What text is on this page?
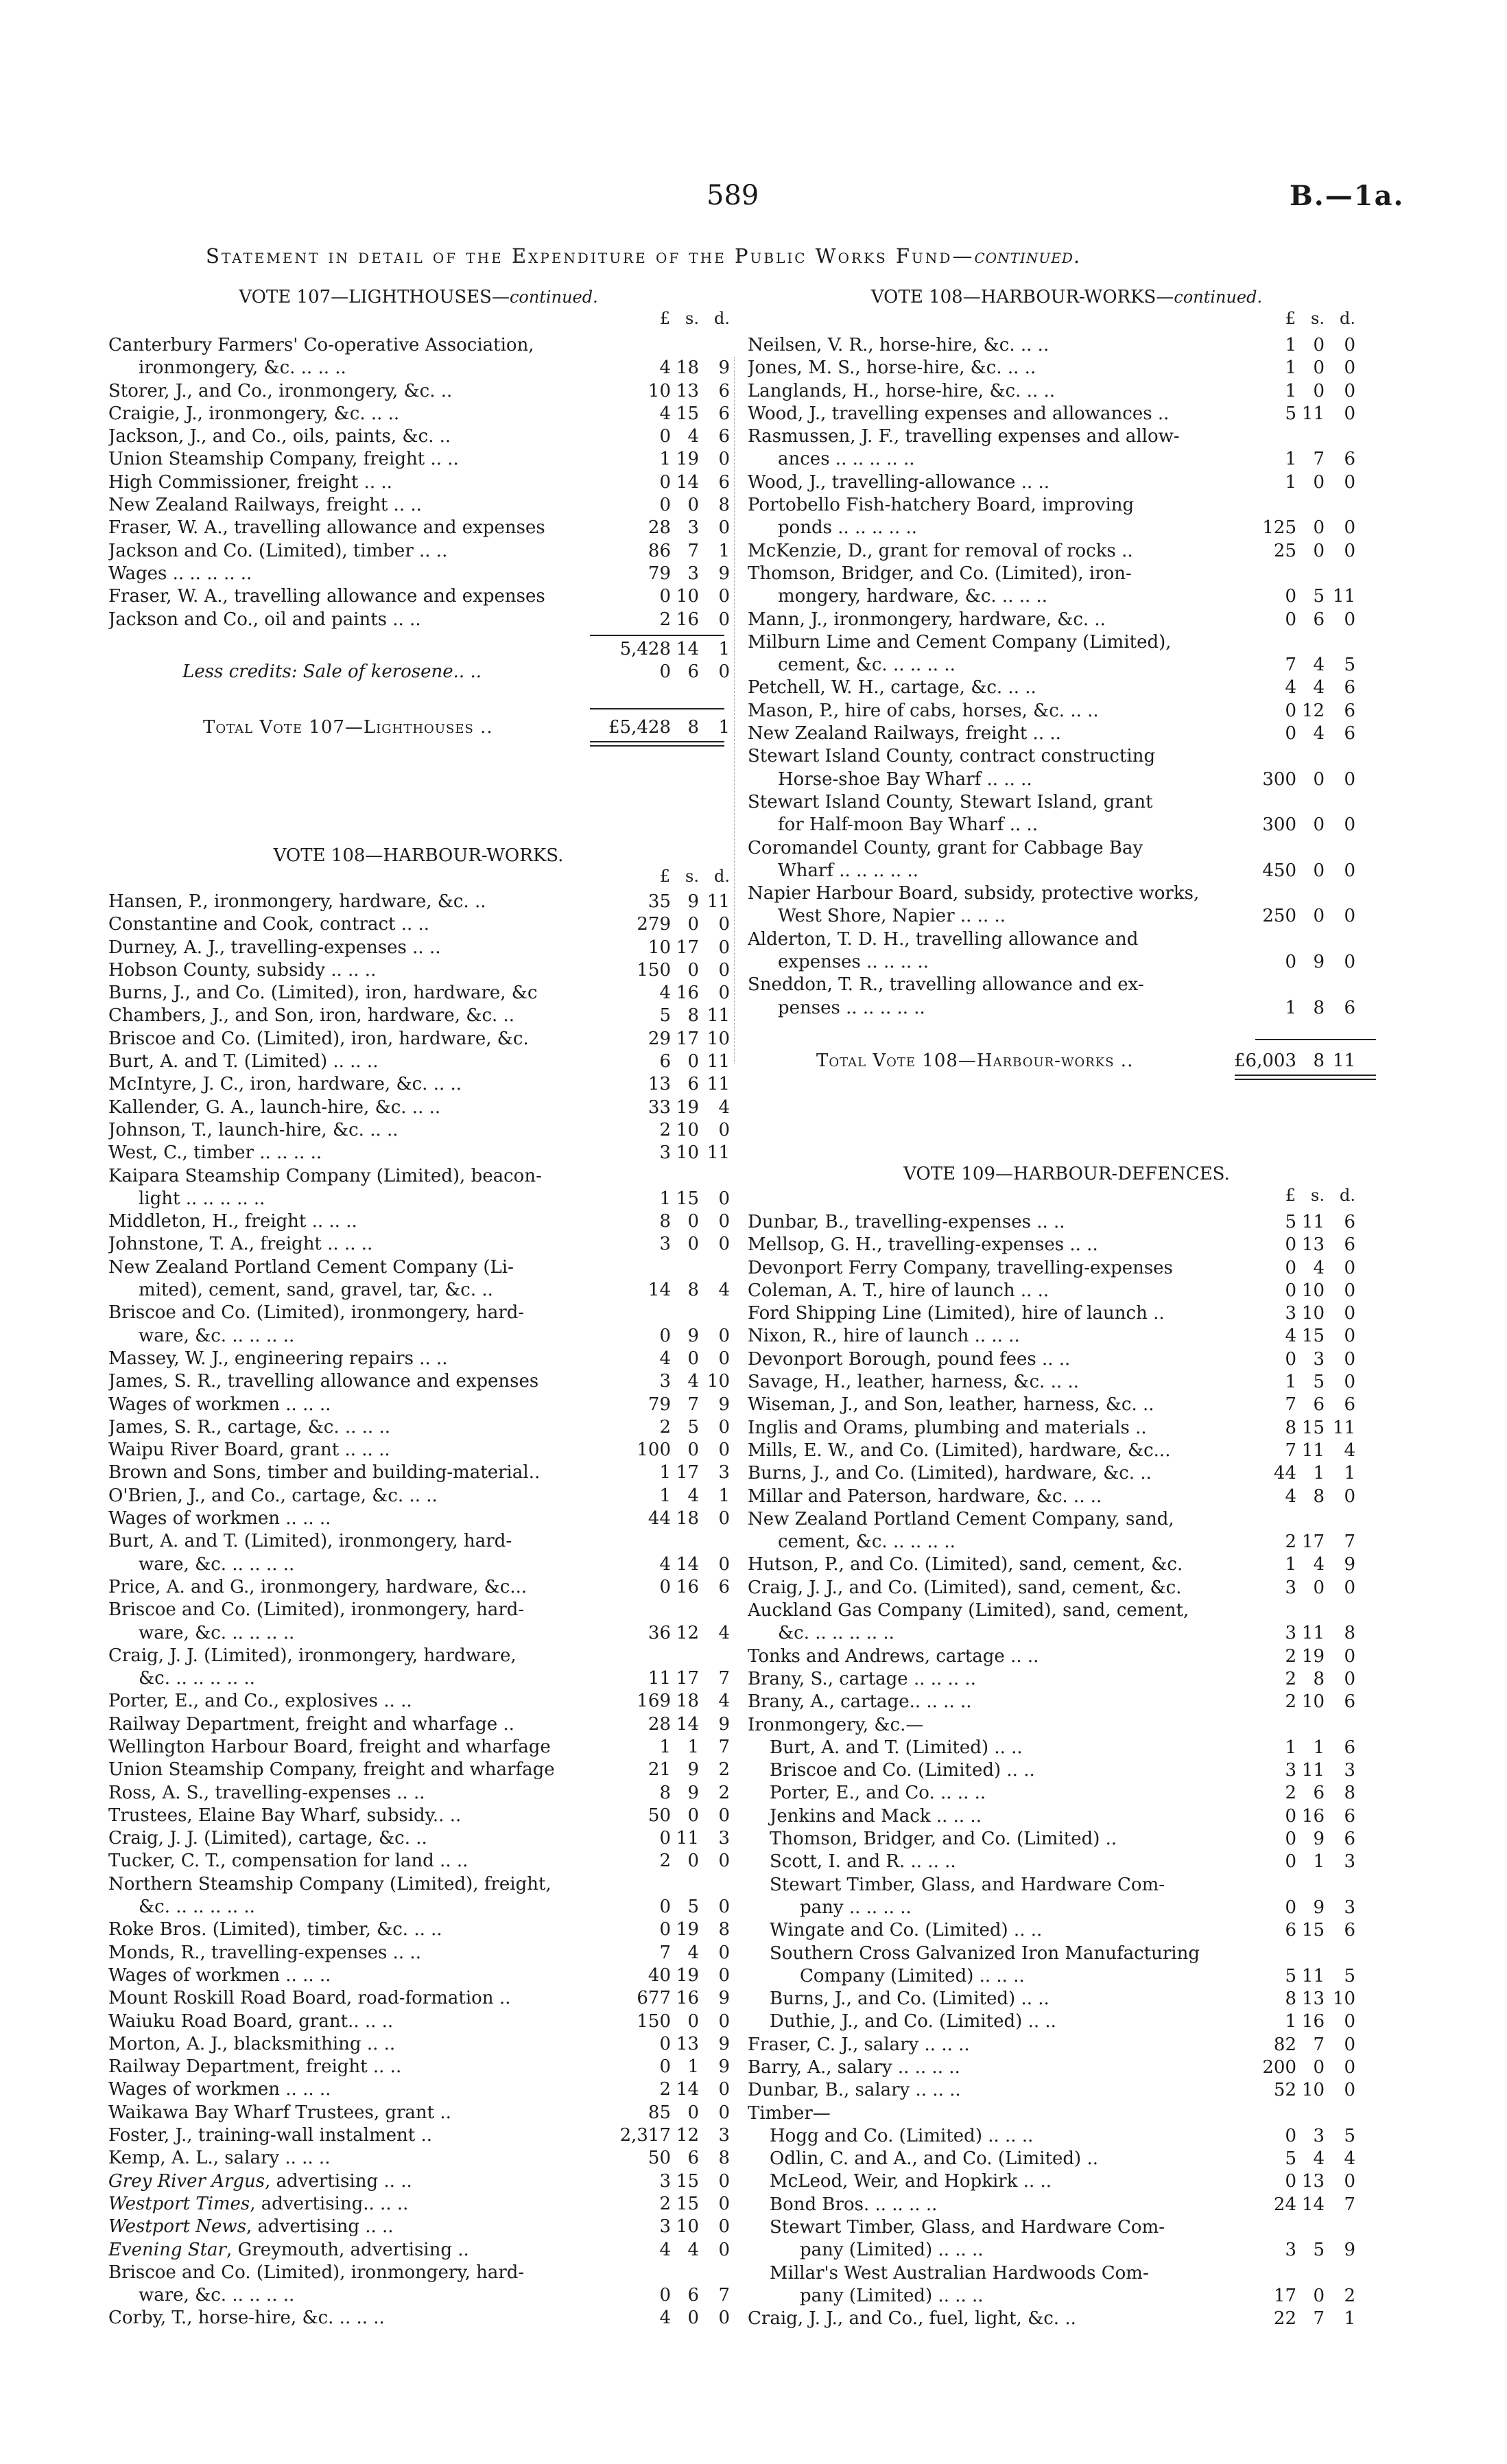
589	B.—1a.
Statement in detail of the Expenditure of the Public Works Fund—continued.
VOTE 107—LIGHTHOUSES—continued.
£ s. d.
Canterbury Farmers' Co-operative Association,
ironmongery, &c. .. .. ..	4 18	9
Storer, J., and Co., ironmongery, &c. ..	10 13	6
Craigie, J., ironmongery, &c. .. ..	4 15	6
Jackson, J., and Co., oils, paints, &c. ..	0 4	6
Union Steamship Company, freight .. ..	1 19	0
High Commissioner, freight .. ..	0 14	6
New Zealand Railways, freight .. ..	0 0	8
Fraser, W. A., travelling allowance and expenses	28 3	0
Jackson and Co. (Limited), timber .. ..	86 7	1
Wages .. .. .. .. ..	79 3	9
Fraser, W. A., travelling allowance and expenses	0 10	0
Jackson and Co., oil and paints .. ..	2 16	0
5,428 14	1
Less credits: Sale of kerosene.. ..	0 6	0
Total Vote 107—Lighthouses ..	£5,428 8	1
VOTE 108—HARBOUR-WORKS.
£ s. d.
Hansen, P., ironmongery, hardware, &c. ..	35 9 11
Constantine and Cook, contract .. ..	279 0	0
Durney, A. J., travelling-expenses .. ..	10 17	0
Hobson County, subsidy .. .. ..	150 0	0
Burns, J., and Co. (Limited), iron, hardware, &c	4 16	0
Chambers, J., and Son, iron, hardware, &c. ..	5 8 11
Briscoe and Co. (Limited), iron, hardware, &c.	29 17 10
Burt, A. and T. (Limited) .. .. ..	6 0 11
McIntyre, J. C., iron, hardware, &c. .. ..	13 6 11
Kallender, G. A., launch-hire, &c. .. ..	33 19	4
Johnson, T., launch-hire, &c. .. ..	2 10	0
West, C., timber .. .. .. ..	3 10 11
Kaipara Steamship Company (Limited), beacon-
light .. .. .. .. ..	1 15	0
Middleton, H., freight .. .. ..	8 0	0
Johnstone, T. A., freight .. .. ..	3 0	0
New Zealand Portland Cement Company (Li-
mited), cement, sand, gravel, tar, &c. ..	14 8	4
Briscoe and Co. (Limited), ironmongery, hard-
ware, &c. .. .. .. ..	0 9	0
Massey, W. J., engineering repairs .. ..	4 0	0
James, S. R., travelling allowance and expenses	3 4 10
Wages of workmen .. .. ..	79 7	9
James, S. R., cartage, &c. .. .. ..	2 5	0
Waipu River Board, grant .. .. ..	100 0	0
Brown and Sons, timber and building-material..	1 17	3
O'Brien, J., and Co., cartage, &c. .. ..	1 4	1
Wages of workmen .. .. ..	44 18	0
Burt, A. and T. (Limited), ironmongery, hard-
ware, &c. .. .. .. ..	4 14	0
Price, A. and G., ironmongery, hardware, &c...	0 16	6
Briscoe and Co. (Limited), ironmongery, hard-
ware, &c. .. .. .. ..	36 12	4
Craig, J. J. (Limited), ironmongery, hardware,
&c. .. .. .. .. ..	11 17	7
Porter, E., and Co., explosives .. ..	169 18	4
Railway Department, freight and wharfage ..	28 14	9
Wellington Harbour Board, freight and wharfage	1 1	7
Union Steamship Company, freight and wharfage	21 9	2
Ross, A. S., travelling-expenses .. ..	8 9	2
Trustees, Elaine Bay Wharf, subsidy.. ..	50 0	0
Craig, J. J. (Limited), cartage, &c. ..	0 11	3
Tucker, C. T., compensation for land .. ..	2 0	0
Northern Steamship Company (Limited), freight,
&c. .. .. .. .. ..	0 5	0
Roke Bros. (Limited), timber, &c. .. ..	0 19	8
Monds, R., travelling-expenses .. ..	7 4	0
Wages of workmen .. .. ..	40 19	0
Mount Roskill Road Board, road-formation ..	677 16	9
Waiuku Road Board, grant.. .. ..	150 0	0
Morton, A. J., blacksmithing .. ..	0 13	9
Railway Department, freight .. ..	0 1	9
Wages of workmen .. .. ..	2 14	0
Waikawa Bay Wharf Trustees, grant ..	85 0	0
Foster, J., training-wall instalment ..	2,317 12	3
Kemp, A. L., salary .. .. ..	50 6	8
Grey River Argus, advertising .. ..	3 15	0
Westport Times, advertising.. .. ..	2 15	0
Westport News, advertising .. ..	3 10	0
Evening Star, Greymouth, advertising ..	4 4	0
Briscoe and Co. (Limited), ironmongery, hard-
ware, &c. .. .. .. ..	0 6	7
Corby, T., horse-hire, &c. .. .. ..	4 0	0
VOTE 108—HARBOUR-WORKS—continued.
£ s. d.
Neilsen, V. R., horse-hire, &c. .. ..	1 0	0
Jones, M. S., horse-hire, &c. .. ..	1 0	0
Langlands, H., horse-hire, &c. .. ..	1 0	0
Wood, J., travelling expenses and allowances ..	5 11	0
Rasmussen, J. F., travelling expenses and allow-
ances .. .. .. .. ..	1 7	6
Wood, J., travelling-allowance .. ..	1 0	0
Portobello Fish-hatchery Board, improving
ponds .. .. .. .. ..	125 0	0
McKenzie, D., grant for removal of rocks ..	25 0	0
Thomson, Bridger, and Co. (Limited), iron-
mongery, hardware, &c. .. .. ..	0 5 11
Mann, J., ironmongery, hardware, &c. ..	0 6	0
Milburn Lime and Cement Company (Limited),
cement, &c. .. .. .. ..	7 4	5
Petchell, W. H., cartage, &c. .. ..	4 4	6
Mason, P., hire of cabs, horses, &c. .. ..	0 12	6
New Zealand Railways, freight .. ..	0 4	6
Stewart Island County, contract constructing
Horse-shoe Bay Wharf .. .. ..	300 0	0
Stewart Island County, Stewart Island, grant
for Half-moon Bay Wharf .. ..	300 0	0
Coromandel County, grant for Cabbage Bay
Wharf .. .. .. .. ..	450 0	0
Napier Harbour Board, subsidy, protective works,
West Shore, Napier .. .. ..	250 0	0
Alderton, T. D. H., travelling allowance and
expenses .. .. .. ..	0 9	0
Sneddon, T. R., travelling allowance and ex-
penses .. .. .. .. ..	1 8	6
Total Vote 108—Harbour-works ..	£6,003 8 11
VOTE 109—HARBOUR-DEFENCES.
£ s. d.
Dunbar, B., travelling-expenses .. ..	5 11	6
Mellsop, G. H., travelling-expenses .. ..	0 13	6
Devonport Ferry Company, travelling-expenses	0 4	0
Coleman, A. T., hire of launch .. ..	0 10	0
Ford Shipping Line (Limited), hire of launch ..	3 10	0
Nixon, R., hire of launch .. .. ..	4 15	0
Devonport Borough, pound fees .. ..	0 3	0
Savage, H., leather, harness, &c. .. ..	1 5	0
Wiseman, J., and Son, leather, harness, &c. ..	7 6	6
Inglis and Orams, plumbing and materials ..	8 15 11
Mills, E. W., and Co. (Limited), hardware, &c...	7 11	4
Burns, J., and Co. (Limited), hardware, &c. ..	44 1	1
Millar and Paterson, hardware, &c. .. ..	4 8	0
New Zealand Portland Cement Company, sand,
cement, &c. .. .. .. ..	2 17	7
Hutson, P., and Co. (Limited), sand, cement, &c.	1 4	9
Craig, J. J., and Co. (Limited), sand, cement, &c.	3 0	0
Auckland Gas Company (Limited), sand, cement,
&c. .. .. .. .. ..	3 11	8
Tonks and Andrews, cartage .. ..	2 19	0
Brany, S., cartage .. .. .. ..	2 8	0
Brany, A., cartage.. .. .. ..	2 10	6
Ironmongery, &c.—
Burt, A. and T. (Limited) .. ..	1 1	6
Briscoe and Co. (Limited) .. ..	3 11	3
Porter, E., and Co. .. .. ..	2 6	8
Jenkins and Mack .. .. ..	0 16	6
Thomson, Bridger, and Co. (Limited) ..	0 9	6
Scott, I. and R. .. .. ..	0 1	3
Stewart Timber, Glass, and Hardware Com-
pany .. .. .. ..	0 9	3
Wingate and Co. (Limited) .. ..	6 15	6
Southern Cross Galvanized Iron Manufacturing
Company (Limited) .. .. ..	5 11	5
Burns, J., and Co. (Limited) .. ..	8 13 10
Duthie, J., and Co. (Limited) .. ..	1 16	0
Fraser, C. J., salary .. .. ..	82 7	0
Barry, A., salary .. .. .. ..	200 0	0
Dunbar, B., salary .. .. ..	52 10	0
Timber—
Hogg and Co. (Limited) .. .. ..	0 3	5
Odlin, C. and A., and Co. (Limited) ..	5 4	4
McLeod, Weir, and Hopkirk .. ..	0 13	0
Bond Bros. .. .. .. ..	24 14	7
Stewart Timber, Glass, and Hardware Com-
pany (Limited) .. .. ..	3 5	9
Millar's West Australian Hardwoods Com-
pany (Limited) .. .. ..	17 0	2
Craig, J. J., and Co., fuel, light, &c. ..	22 7	1
